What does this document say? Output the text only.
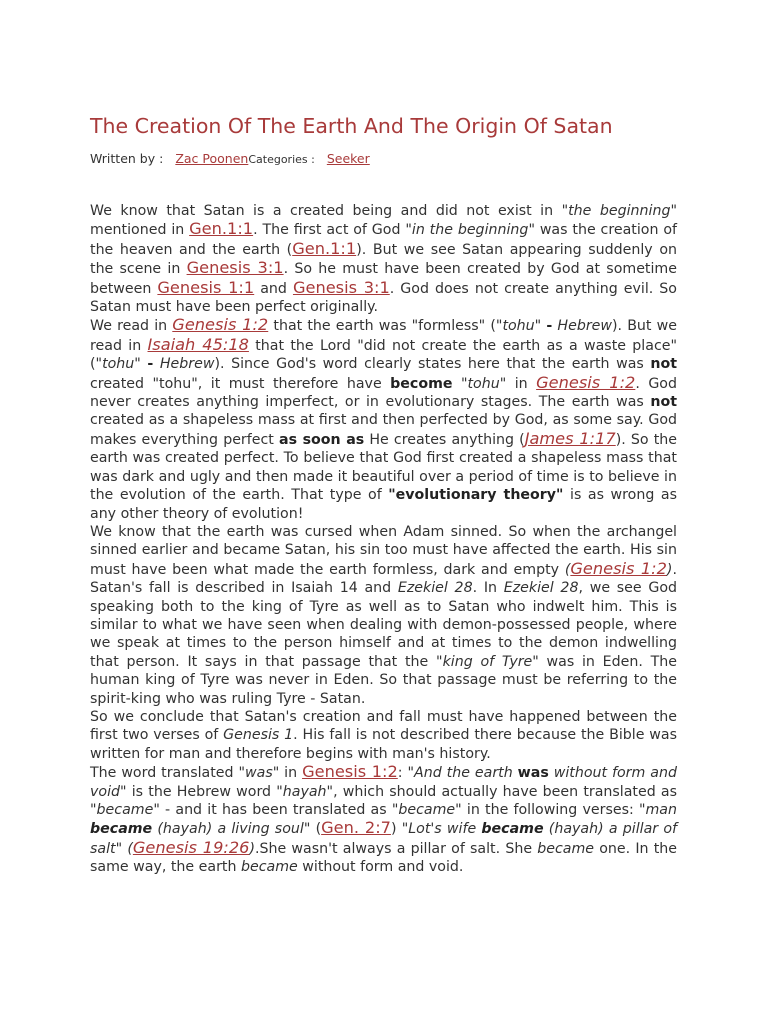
The Creation Of The Earth And The Origin Of Satan
Written by : Zac PoonenCategories : Seeker

We know that Satan is a created being and did not exist in "the beginning" mentioned in Gen.1:1. The first act of God "in the beginning" was the creation of the heaven and the earth (Gen.1:1). But we see Satan appearing suddenly on the scene in Genesis 3:1. So he must have been created by God at sometime between Genesis 1:1 and Genesis 3:1. God does not create anything evil. So Satan must have been perfect originally.

We read in Genesis 1:2 that the earth was "formless" ("tohu" - Hebrew). But we read in Isaiah 45:18 that the Lord "did not create the earth as a waste place" ("tohu" - Hebrew). Since God's word clearly states here that the earth was not created "tohu", it must therefore have become "tohu" in Genesis 1:2. God never creates anything imperfect, or in evolutionary stages. The earth was not created as a shapeless mass at first and then perfected by God, as some say. God makes everything perfect as soon as He creates anything (James 1:17). So the earth was created perfect. To believe that God first created a shapeless mass that was dark and ugly and then made it beautiful over a period of time is to believe in the evolution of the earth. That type of "evolutionary theory" is as wrong as any other theory of evolution!

We know that the earth was cursed when Adam sinned. So when the archangel sinned earlier and became Satan, his sin too must have affected the earth. His sin must have been what made the earth formless, dark and empty (Genesis 1:2). Satan's fall is described in Isaiah 14 and Ezekiel 28. In Ezekiel 28, we see God speaking both to the king of Tyre as well as to Satan who indwelt him. This is similar to what we have seen when dealing with demon-possessed people, where we speak at times to the person himself and at times to the demon indwelling that person. It says in that passage that the "king of Tyre" was in Eden. The human king of Tyre was never in Eden. So that passage must be referring to the spirit-king who was ruling Tyre - Satan.

So we conclude that Satan's creation and fall must have happened between the first two verses of Genesis 1. His fall is not described there because the Bible was written for man and therefore begins with man's history.

The word translated "was" in Genesis 1:2: "And the earth was without form and void" is the Hebrew word "hayah", which should actually have been translated as "became" - and it has been translated as "became" in the following verses: "man became (hayah) a living soul" (Gen. 2:7) "Lot's wife became (hayah) a pillar of salt" (Genesis 19:26).She wasn't always a pillar of salt. She became one. In the same way, the earth became without form and void.
